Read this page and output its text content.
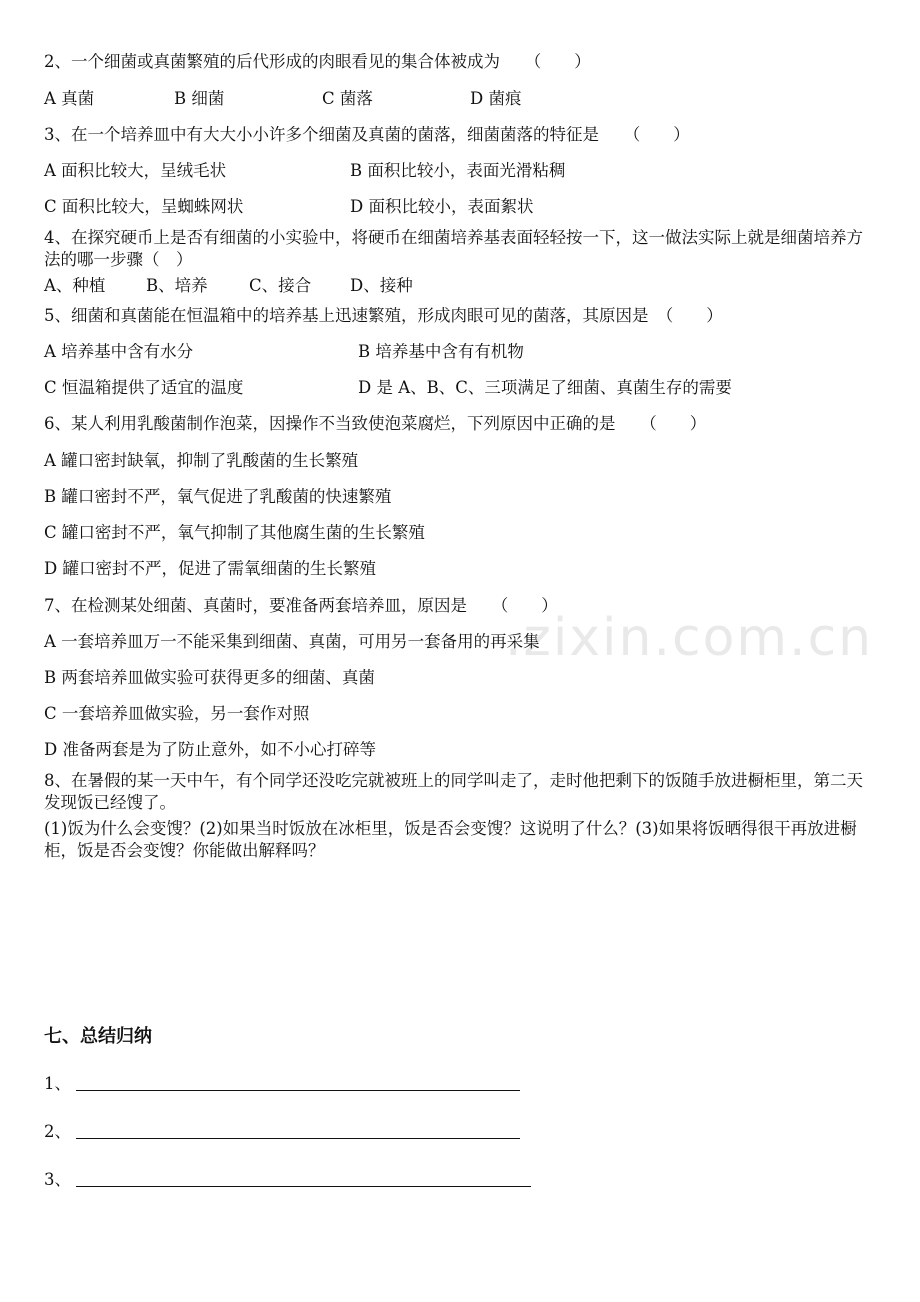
.zixin.com.cn
2、一个细菌或真菌繁殖的后代形成的肉眼看见的集合体被成为　　（　　）
A 真菌	B 细菌	C 菌落	D 菌痕
3、在一个培养皿中有大大小小许多个细菌及真菌的菌落，细菌菌落的特征是　　（　　）
A 面积比较大，呈绒毛状	B 面积比较小，表面光滑粘稠
C 面积比较大，呈蜘蛛网状	D 面积比较小，表面絮状
4、在探究硬币上是否有细菌的小实验中，将硬币在细菌培养基表面轻轻按一下，这一做法实际上就是细菌培养方法的哪一步骤（　）
A、种植 B、培养	C、接合 D、接种
5、细菌和真菌能在恒温箱中的培养基上迅速繁殖，形成肉眼可见的菌落，其原因是　（　　）
A 培养基中含有水分	B 培养基中含有有机物
C 恒温箱提供了适宜的温度	D 是 A、B、C、三项满足了细菌、真菌生存的需要
6、某人利用乳酸菌制作泡菜，因操作不当致使泡菜腐烂，下列原因中正确的是　　（　　）
A 罐口密封缺氧，抑制了乳酸菌的生长繁殖
B 罐口密封不严，氧气促进了乳酸菌的快速繁殖
C 罐口密封不严，氧气抑制了其他腐生菌的生长繁殖
D 罐口密封不严，促进了需氧细菌的生长繁殖
7、在检测某处细菌、真菌时，要准备两套培养皿，原因是　　（　　）
A 一套培养皿万一不能采集到细菌、真菌，可用另一套备用的再采集
B 两套培养皿做实验可获得更多的细菌、真菌
C 一套培养皿做实验，另一套作对照
D 准备两套是为了防止意外，如不小心打碎等
8、在暑假的某一天中午，有个同学还没吃完就被班上的同学叫走了，走时他把剩下的饭随手放进橱柜里，第二天发现饭已经馊了。
(1)饭为什么会变馊？(2)如果当时饭放在冰柜里，饭是否会变馊？这说明了什么？(3)如果将饭晒得很干再放进橱柜，饭是否会变馊？你能做出解释吗？
七、总结归纳
1、
2、
3、
